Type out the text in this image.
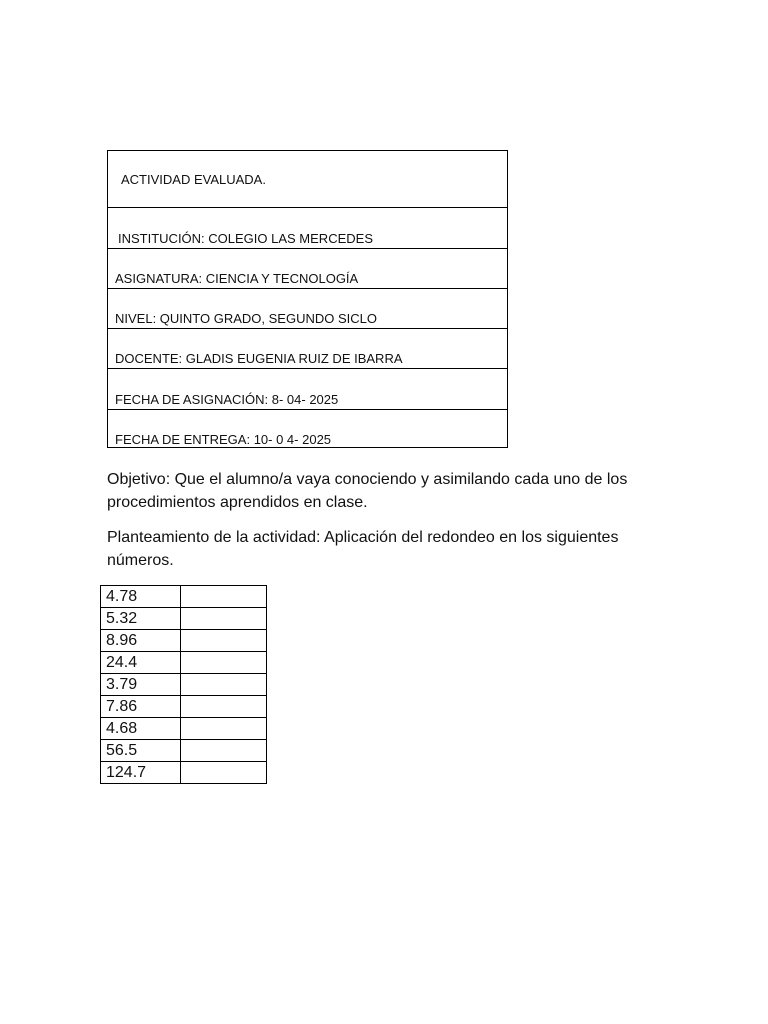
ACTIVIDAD EVALUADA.
INSTITUCIÓN: COLEGIO LAS MERCEDES
ASIGNATURA: CIENCIA Y TECNOLOGÍA
NIVEL: QUINTO GRADO, SEGUNDO SICLO
DOCENTE: GLADIS EUGENIA RUIZ DE IBARRA
FECHA DE ASIGNACIÓN: 8- 04- 2025
FECHA DE ENTREGA: 10- 0 4- 2025

Objetivo: Que el alumno/a vaya conociendo y asimilando cada uno de los procedimientos aprendidos en clase.

Planteamiento de la actividad: Aplicación del redondeo en los siguientes números.

4.78	
5.32	
8.96	
24.4	
3.79	
7.86	
4.68	
56.5	
124.7	
